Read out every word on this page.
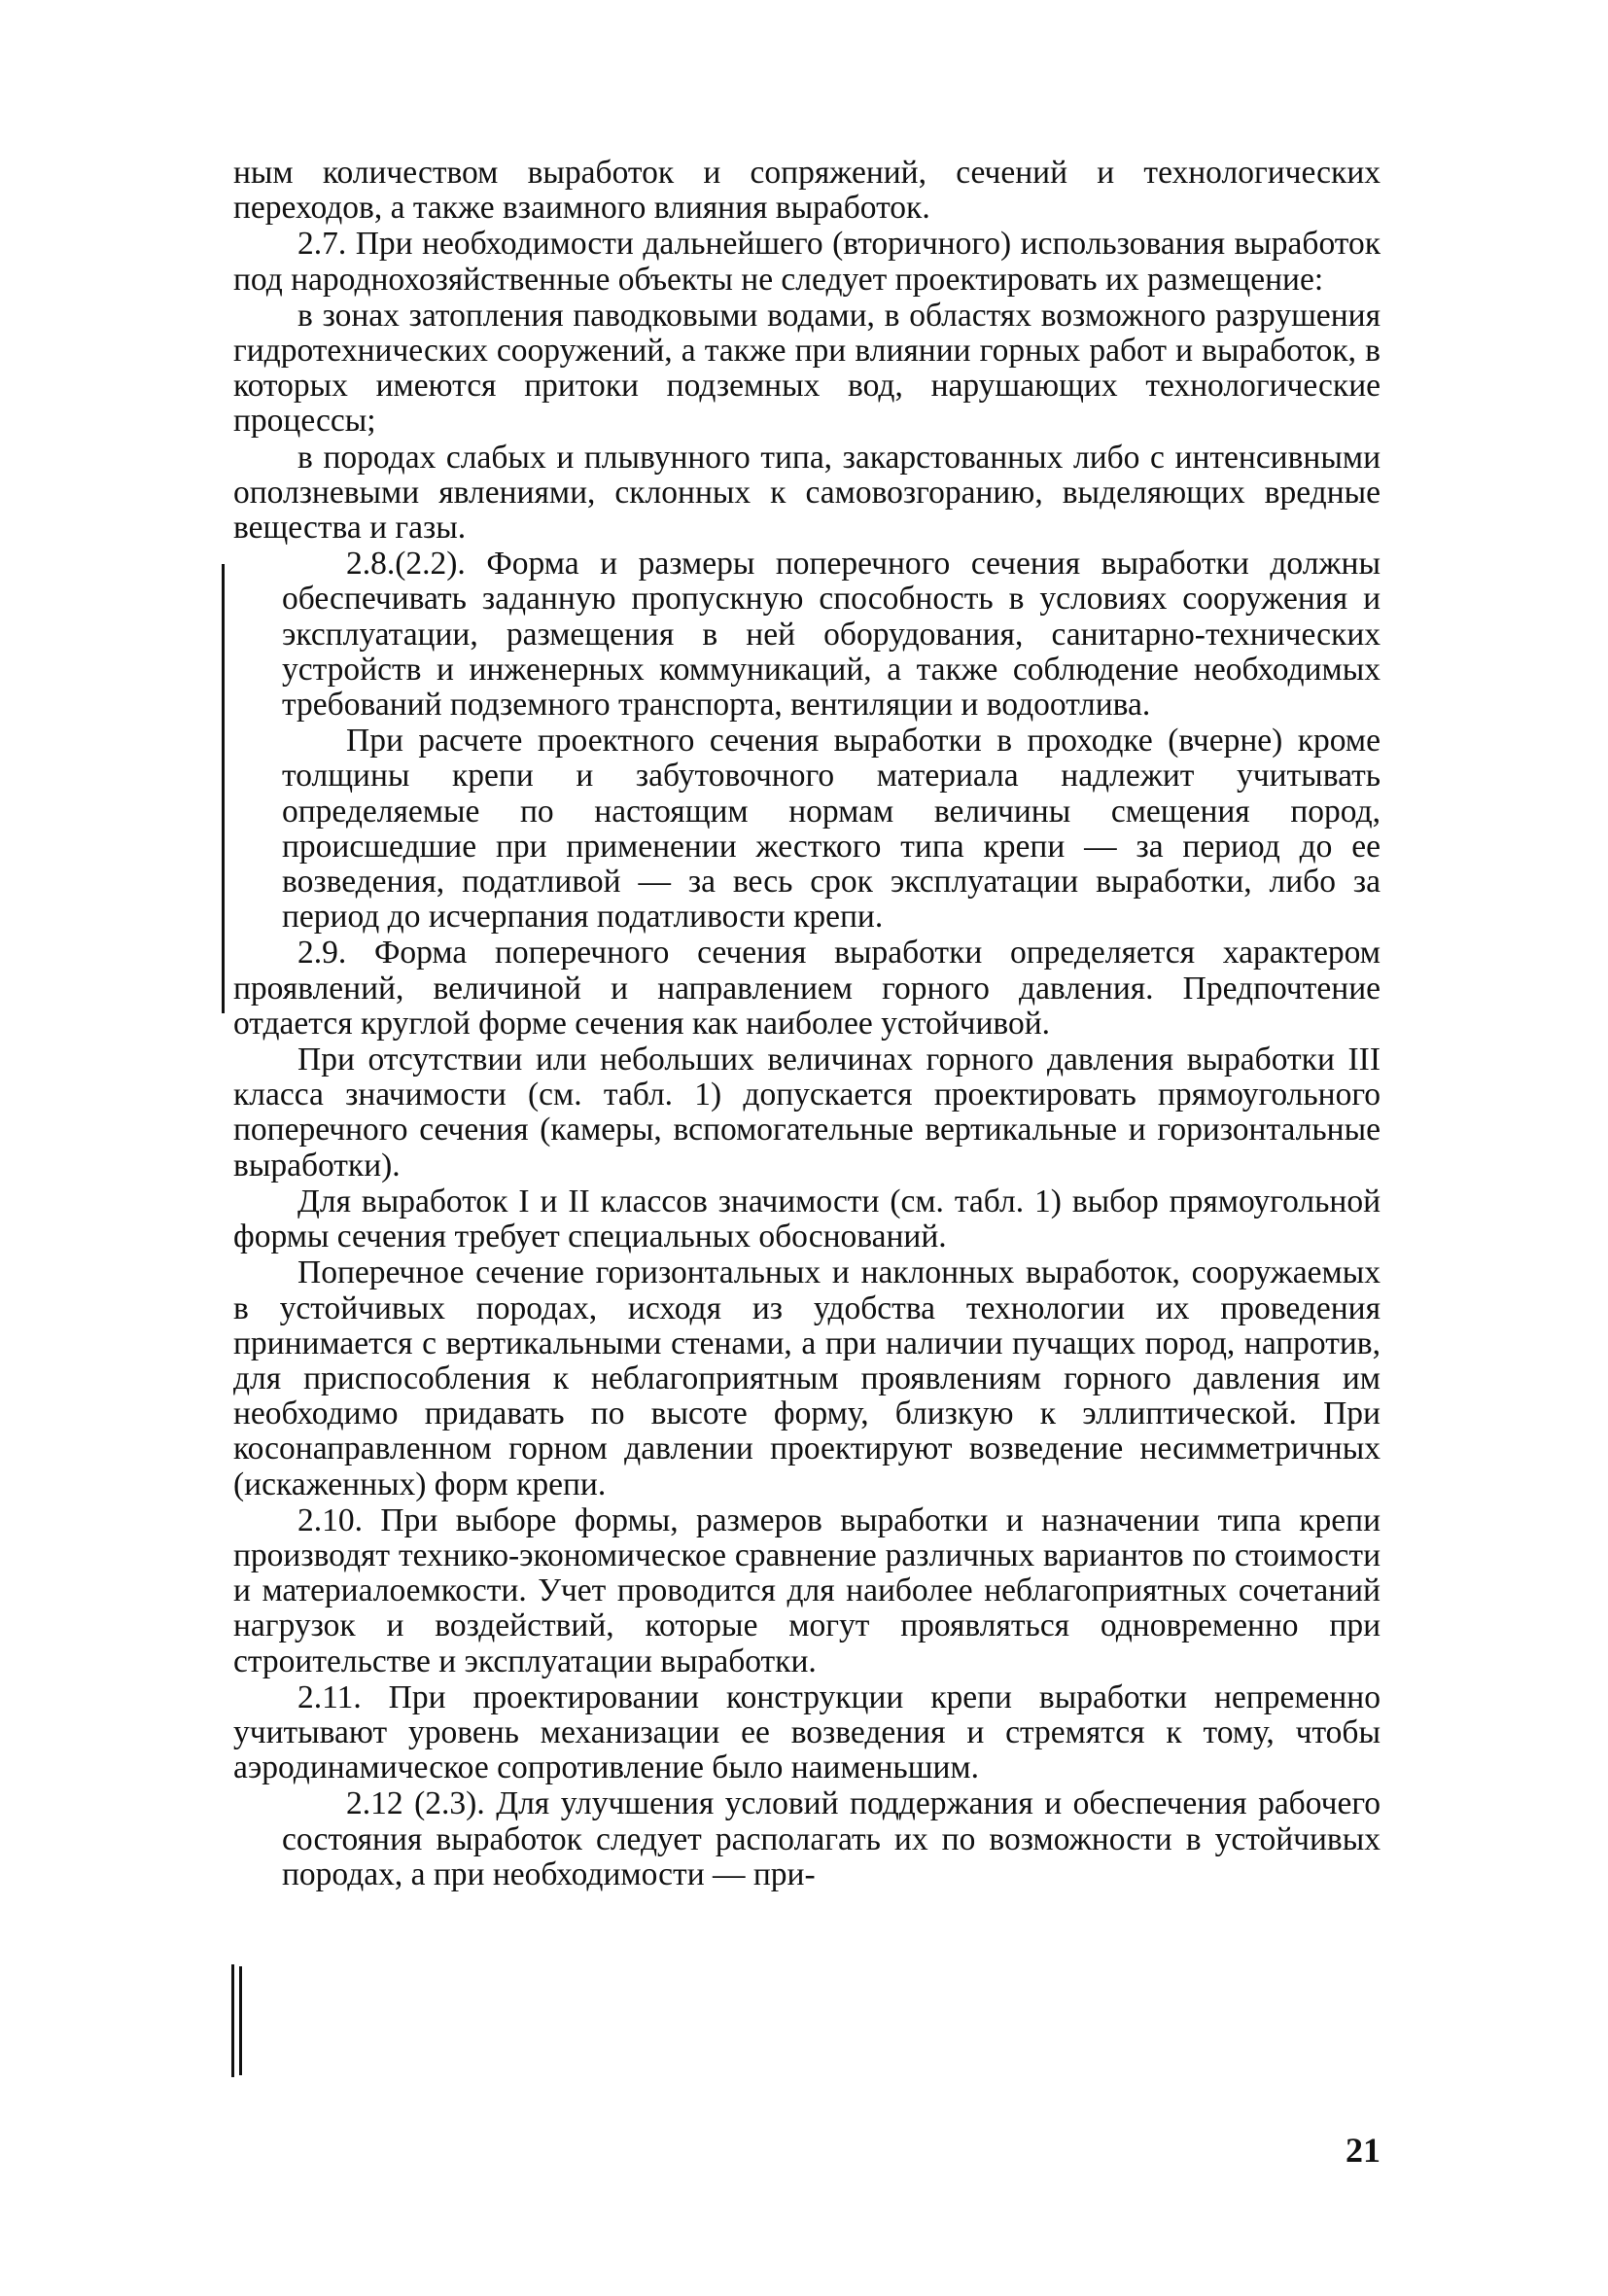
ным количеством выработок и сопряжений, сечений и технологических переходов, а также взаимного влияния выработок.

2.7. При необходимости дальнейшего (вторичного) использования выработок под народнохозяйственные объекты не следует проектировать их размещение:

в зонах затопления паводковыми водами, в областях возможного разрушения гидротехнических сооружений, а также при влиянии горных работ и выработок, в которых имеются притоки подземных вод, нарушающих технологические процессы;

в породах слабых и плывунного типа, закарстованных либо с интенсивными оползневыми явлениями, склонных к самовозгоранию, выделяющих вредные вещества и газы.

2.8.(2.2). Форма и размеры поперечного сечения выработки должны обеспечивать заданную пропускную способность в условиях сооружения и эксплуатации, размещения в ней оборудования, санитарно-технических устройств и инженерных коммуникаций, а также соблюдение необходимых требований подземного транспорта, вентиляции и водоотлива.

При расчете проектного сечения выработки в проходке (вчерне) кроме толщины крепи и забутовочного материала надлежит учитывать определяемые по настоящим нормам величины смещения пород, происшедшие при применении жесткого типа крепи — за период до ее возведения, податливой — за весь срок эксплуатации выработки, либо за период до исчерпания податливости крепи.

2.9. Форма поперечного сечения выработки определяется характером проявлений, величиной и направлением горного давления. Предпочтение отдается круглой форме сечения как наиболее устойчивой.

При отсутствии или небольших величинах горного давления выработки III класса значимости (см. табл. 1) допускается проектировать прямоугольного поперечного сечения (камеры, вспомогательные вертикальные и горизонтальные выработки).

Для выработок I и II классов значимости (см. табл. 1) выбор прямоугольной формы сечения требует специальных обоснований.

Поперечное сечение горизонтальных и наклонных выработок, сооружаемых в устойчивых породах, исходя из удобства технологии их проведения принимается с вертикальными стенами, а при наличии пучащих пород, напротив, для приспособления к неблагоприятным проявлениям горного давления им необходимо придавать по высоте форму, близкую к эллиптической. При косонаправленном горном давлении проектируют возведение несимметричных (искаженных) форм крепи.

2.10. При выборе формы, размеров выработки и назначении типа крепи производят технико-экономическое сравнение различных вариантов по стоимости и материалоемкости. Учет проводится для наиболее неблагоприятных сочетаний нагрузок и воздействий, которые могут проявляться одновременно при строительстве и эксплуатации выработки.

2.11. При проектировании конструкции крепи выработки непременно учитывают уровень механизации ее возведения и стремятся к тому, чтобы аэродинамическое сопротивление было наименьшим.

2.12 (2.3). Для улучшения условий поддержания и обеспечения рабочего состояния выработок следует располагать их по возможности в устойчивых породах, а при необходимости — при-

21
